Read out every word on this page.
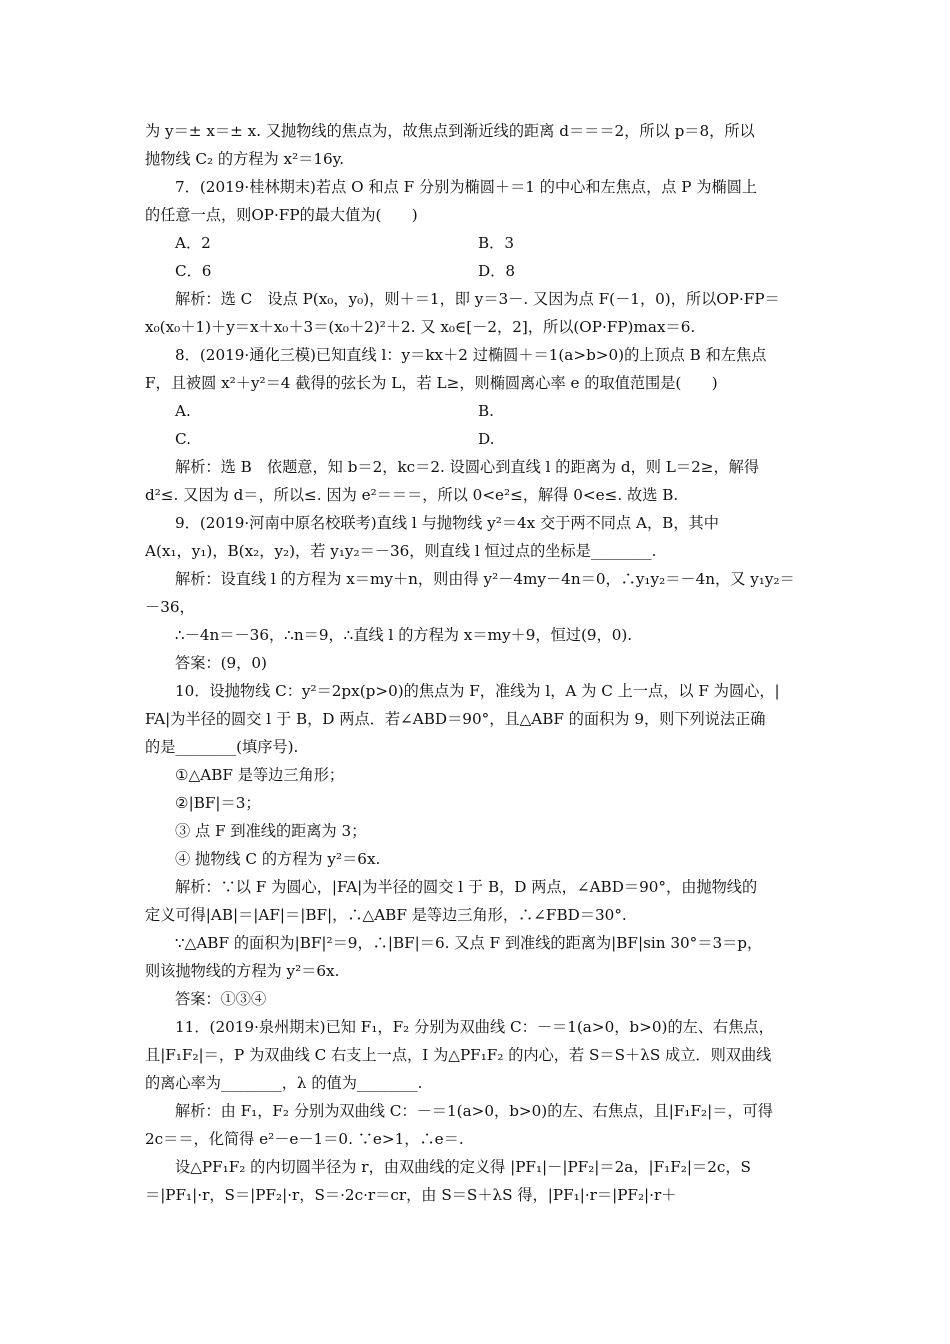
为 y＝± x＝± x. 又抛物线的焦点为，故焦点到渐近线的距离 d＝＝＝2，所以 p＝8，所以
抛物线 C₂ 的方程为 x²＝16y.
7．(2019·桂林期末)若点 O 和点 F 分别为椭圆＋＝1 的中心和左焦点，点 P 为椭圆上
的任意一点，则OP·FP的最大值为(　　)
A．2	B．3
C．6	D．8
解析：选 C　设点 P(x₀，y₀)，则＋＝1，即 y＝3－. 又因为点 F(－1，0)，所以OP·FP＝
x₀(x₀＋1)＋y＝x＋x₀＋3＝(x₀＋2)²＋2. 又 x₀∈[－2，2]，所以(OP·FP)max＝6.
8．(2019·通化三模)已知直线 l：y＝kx＋2 过椭圆＋＝1(a>b>0)的上顶点 B 和左焦点
F，且被圆 x²＋y²＝4 截得的弦长为 L，若 L≥，则椭圆离心率 e 的取值范围是(　　)
A.	B.
C.	D.
解析：选 B　依题意，知 b＝2，kc＝2. 设圆心到直线 l 的距离为 d，则 L＝2≥，解得
d²≤. 又因为 d＝，所以≤. 因为 e²＝＝＝，所以 0<e²≤，解得 0<e≤. 故选 B.
9．(2019·河南中原名校联考)直线 l 与抛物线 y²＝4x 交于两不同点 A，B，其中
A(x₁，y₁)，B(x₂，y₂)，若 y₁y₂＝－36，则直线 l 恒过点的坐标是________.
解析：设直线 l 的方程为 x＝my＋n，则由得 y²－4my－4n＝0，∴y₁y₂＝－4n，又 y₁y₂＝
－36，
∴－4n＝－36，∴n＝9，∴直线 l 的方程为 x＝my＋9，恒过(9，0).
答案：(9，0)
10．设抛物线 C：y²＝2px(p>0)的焦点为 F，准线为 l，A 为 C 上一点，以 F 为圆心，|
FA|为半径的圆交 l 于 B，D 两点．若∠ABD＝90°，且△ABF 的面积为 9，则下列说法正确
的是________(填序号).
①△ABF 是等边三角形；
②|BF|＝3；
③ 点 F 到准线的距离为 3；
④ 抛物线 C 的方程为 y²＝6x.
解析：∵以 F 为圆心，|FA|为半径的圆交 l 于 B，D 两点，∠ABD＝90°，由抛物线的
定义可得|AB|＝|AF|＝|BF|，∴△ABF 是等边三角形，∴∠FBD＝30°.
∵△ABF 的面积为|BF|²＝9，∴|BF|＝6. 又点 F 到准线的距离为|BF|sin 30°＝3＝p，
则该抛物线的方程为 y²＝6x.
答案：①③④
11．(2019·泉州期末)已知 F₁，F₂ 分别为双曲线 C：－＝1(a>0，b>0)的左、右焦点，
且|F₁F₂|＝，P 为双曲线 C 右支上一点，I 为△PF₁F₂ 的内心，若 S＝S＋λS 成立．则双曲线
的离心率为________，λ 的值为________.
解析：由 F₁，F₂ 分别为双曲线 C：－＝1(a>0，b>0)的左、右焦点，且|F₁F₂|＝，可得
2c＝＝，化简得 e²－e－1＝0. ∵e>1，∴e＝.
设△PF₁F₂ 的内切圆半径为 r，由双曲线的定义得 |PF₁|－|PF₂|＝2a，|F₁F₂|＝2c，S
＝|PF₁|·r，S＝|PF₂|·r，S＝·2c·r＝cr，由 S＝S＋λS 得，|PF₁|·r＝|PF₂|·r＋
